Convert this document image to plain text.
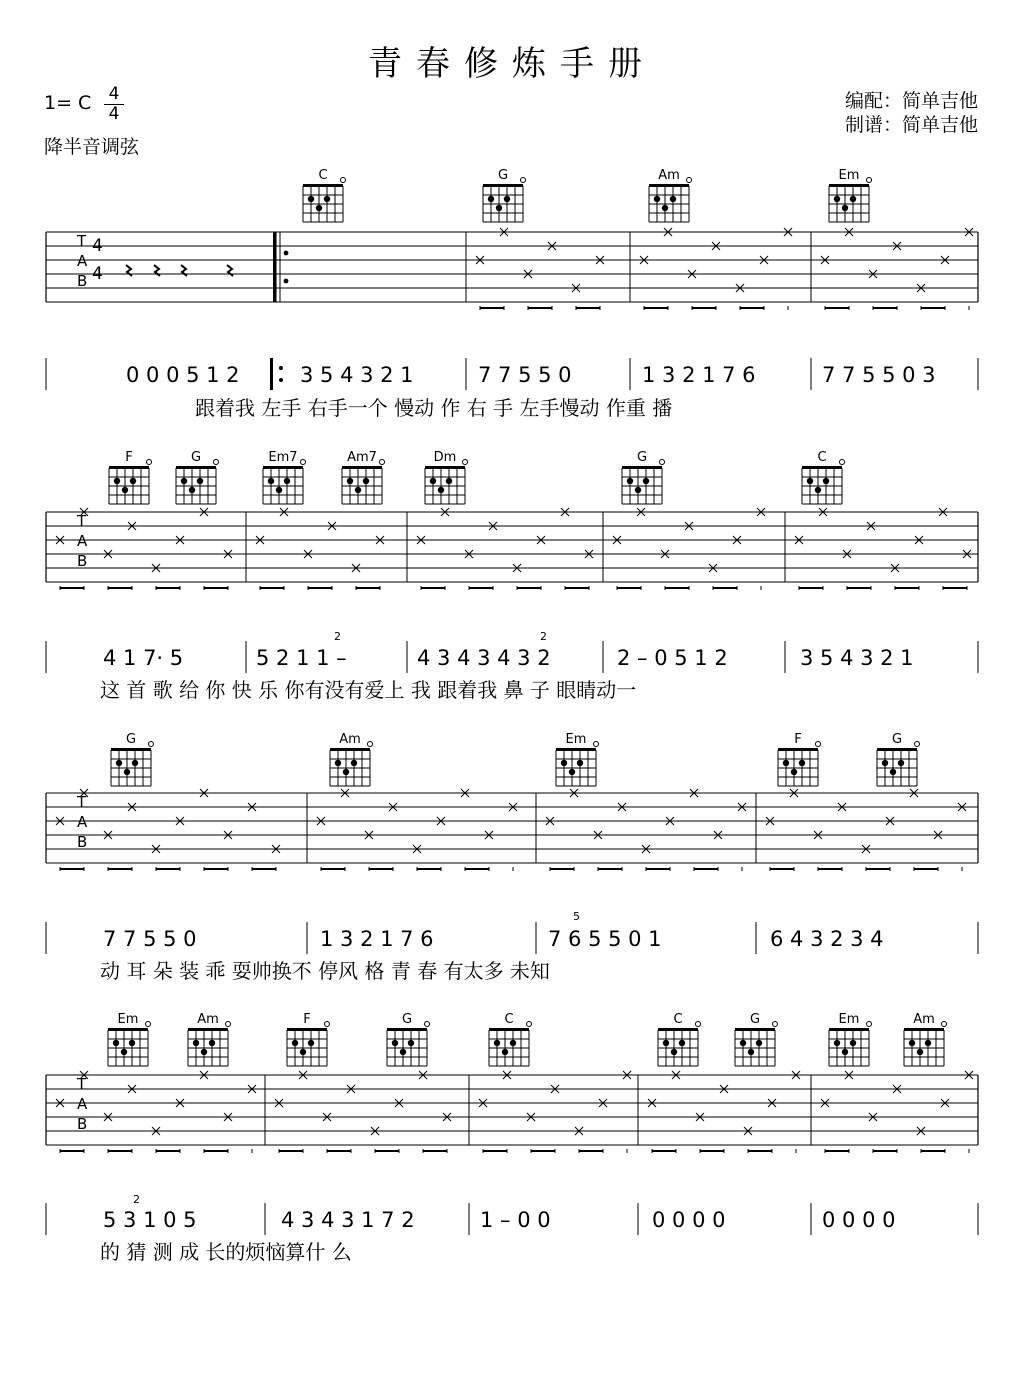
青春修炼手册
1= C 4
4
降半音调弦
编配：简单吉他
制谱：简单吉他
C	G	Am	Em
T
A
B
4
4
0 0 0 5 1 2	3 5 4 3 2 1	7 7 5 5 0	1 3 2 1 7 6	7 7 5 5 0 3
跟着我 左手 右手一个 慢动 作 右 手 左手慢动 作重 播
F	G	Em7	Am7	Dm	G	C
T
A
B
4 1 7· 5	5 2 1 1 –	4 3 4 3 4 3 2	2 – 0 5 1 2	3 5 4 3 2 1
2	2
这 首 歌 给 你 快 乐 你有没有爱上 我 跟着我 鼻 子 眼睛动一
G	Am	Em	F	G
T
A
B
7 7 5 5 0	1 3 2 1 7 6	7 6 5 5 0 1	6 4 3 2 3 4
5
动 耳 朵 装 乖 耍帅换不 停风 格 青 春 有太多 未知
Em	Am	F	G	C	C	G	Em	Am
T
A
B
5 3 1 0 5	4 3 4 3 1 7 2	1 – 0 0	0 0 0 0	0 0 0 0
2
的 猜 测 成 长的烦恼算什 么
